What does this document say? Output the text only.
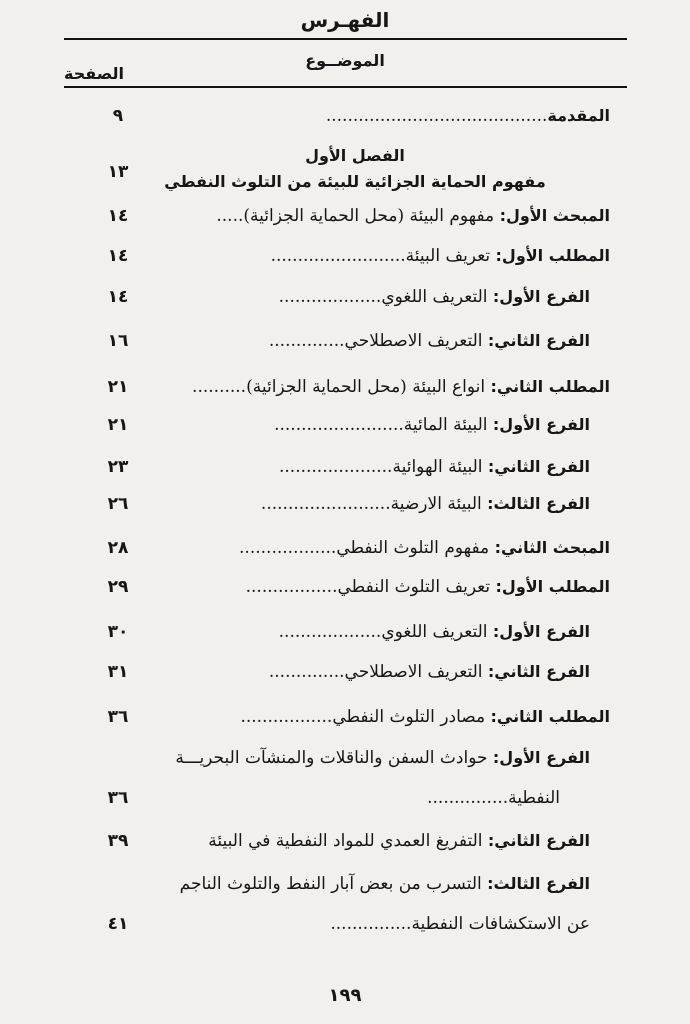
الفهـرس
الموضــوع
الصفحة
المقدمة.........................................
٩
الفصل الأول
مفهوم الحماية الجزائية للبيئة من التلوث النفطي
١٣
المبحث الأول: مفهوم البيئة (محل الحماية الجزائية).....
١٤
المطلب الأول: تعريف البيئة.........................
١٤
الفرع الأول: التعريف اللغوي...................
١٤
الفرع الثاني: التعريف الاصطلاحي..............
١٦
المطلب الثاني: انواع البيئة (محل الحماية الجزائية)..........
٢١
الفرع الأول: البيئة المائية........................
٢١
الفرع الثاني: البيئة الهوائية.....................
٢٣
الفرع الثالث: البيئة الارضية........................
٢٦
المبحث الثاني: مفهوم التلوث النفطي..................
٢٨
المطلب الأول: تعريف التلوث النفطي.................
٢٩
الفرع الأول: التعريف اللغوي...................
٣٠
الفرع الثاني: التعريف الاصطلاحي..............
٣١
المطلب الثاني: مصادر التلوث النفطي.................
٣٦
الفرع الأول: حوادث السفن والناقلات والمنشآت البحريـــة
النفطية...............
٣٦
الفرع الثاني: التفريغ العمدي للمواد النفطية في البيئة
٣٩
الفرع الثالث: التسرب من بعض آبار النفط والتلوث الناجم
عن الاستكشافات النفطية...............
٤١
١٩٩
